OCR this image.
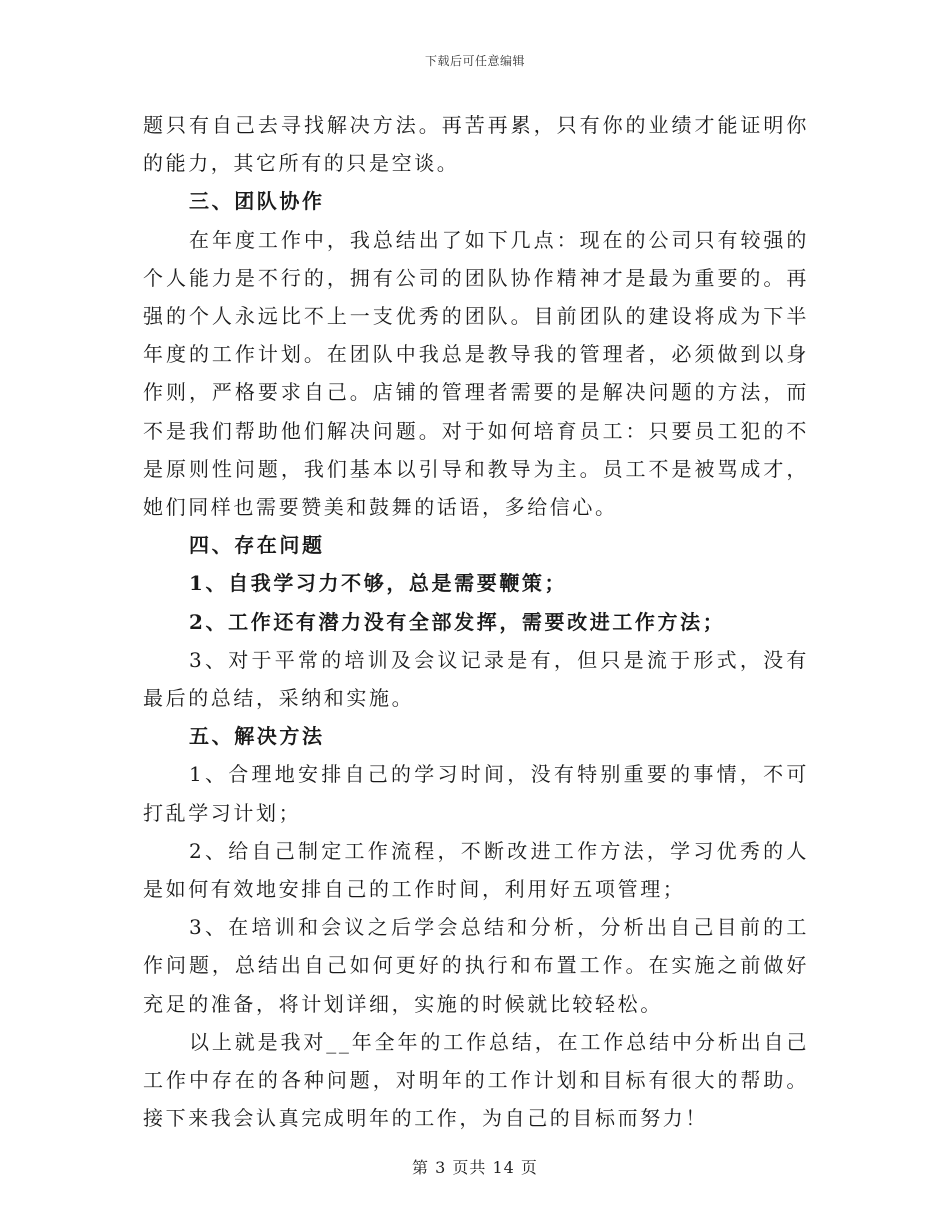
下载后可任意编辑

题只有自己去寻找解决方法。再苦再累，只有你的业绩才能证明你的能力，其它所有的只是空谈。

三、团队协作

在年度工作中，我总结出了如下几点：现在的公司只有较强的个人能力是不行的，拥有公司的团队协作精神才是最为重要的。再强的个人永远比不上一支优秀的团队。目前团队的建设将成为下半年度的工作计划。在团队中我总是教导我的管理者，必须做到以身作则，严格要求自己。店铺的管理者需要的是解决问题的方法，而不是我们帮助他们解决问题。对于如何培育员工：只要员工犯的不是原则性问题，我们基本以引导和教导为主。员工不是被骂成才，她们同样也需要赞美和鼓舞的话语，多给信心。

四、存在问题

1、自我学习力不够，总是需要鞭策；

2、工作还有潜力没有全部发挥，需要改进工作方法；

3、对于平常的培训及会议记录是有，但只是流于形式，没有最后的总结，采纳和实施。

五、解决方法

1、合理地安排自己的学习时间，没有特别重要的事情，不可打乱学习计划；

2、给自己制定工作流程，不断改进工作方法，学习优秀的人是如何有效地安排自己的工作时间，利用好五项管理；

3、在培训和会议之后学会总结和分析，分析出自己目前的工作问题，总结出自己如何更好的执行和布置工作。在实施之前做好充足的准备，将计划详细，实施的时候就比较轻松。

以上就是我对__年全年的工作总结，在工作总结中分析出自己工作中存在的各种问题，对明年的工作计划和目标有很大的帮助。接下来我会认真完成明年的工作，为自己的目标而努力！

第 3 页共 14 页
